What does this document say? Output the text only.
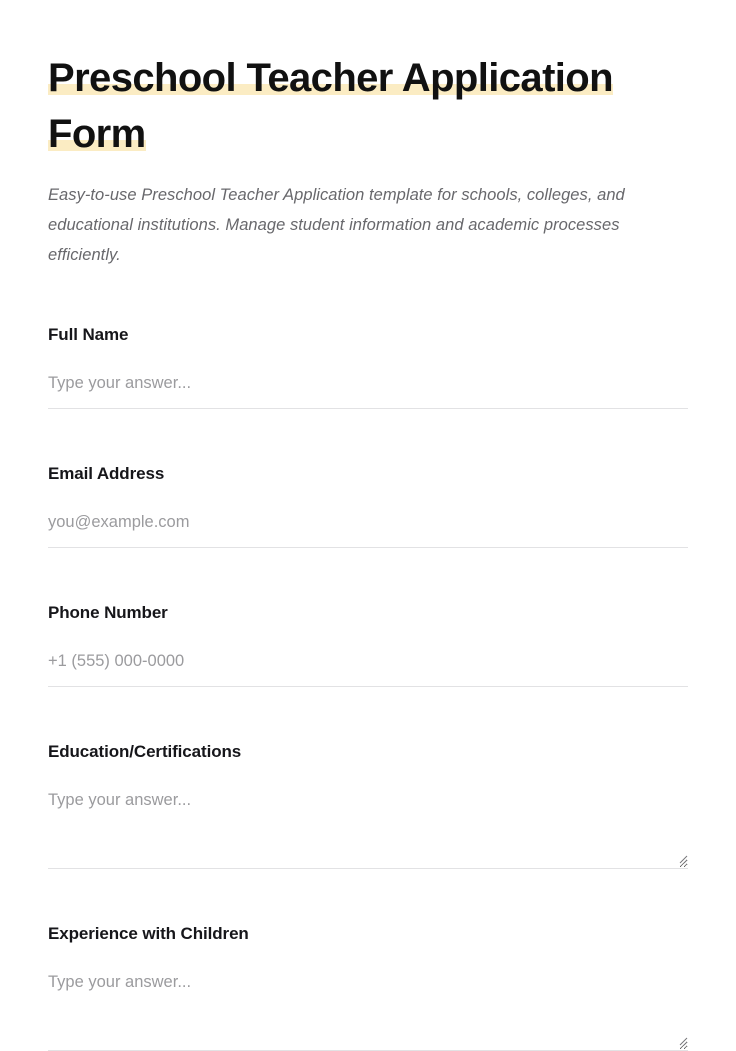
Preschool Teacher Application Form

Easy-to-use Preschool Teacher Application template for schools, colleges, and educational institutions. Manage student information and academic processes efficiently.

Full Name
Type your answer...
Email Address
you@example.com
Phone Number
+1 (555) 000-0000
Education/Certifications
Type your answer...
Experience with Children
Type your answer...
